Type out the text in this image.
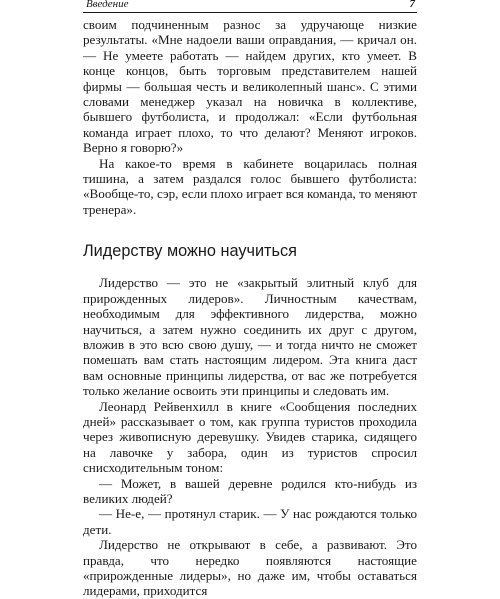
Введение	7

своим подчиненным разнос за удручающе низкие результаты. «Мне надоели ваши оправдания, — кричал он. — Не умеете работать — найдем других, кто умеет. В конце концов, быть торговым представителем нашей фирмы — большая честь и великолепный шанс». С этими словами менеджер указал на новичка в коллективе, бывшего футболиста, и продолжал: «Если футбольная команда играет плохо, то что делают? Меняют игроков. Верно я говорю?»

На какое-то время в кабинете воцарилась полная тишина, а затем раздался голос бывшего футболиста: «Вообще-то, сэр, если плохо играет вся команда, то меняют тренера».

Лидерству можно научиться

Лидерство — это не «закрытый элитный клуб для прирожденных лидеров». Личностным качествам, необходимым для эффективного лидерства, можно научиться, а затем нужно соединить их друг с другом, вложив в это всю свою душу, — и тогда ничто не сможет помешать вам стать настоящим лидером. Эта книга даст вам основные принципы лидерства, от вас же потребуется только желание освоить эти принципы и следовать им.

Леонард Рейвенхилл в книге «Сообщения последних дней» рассказывает о том, как группа туристов проходила через живописную деревушку. Увидев старика, сидящего на лавочке у забора, один из туристов спросил снисходительным тоном:

— Может, в вашей деревне родился кто-нибудь из великих людей?

— Не-е, — протянул старик. — У нас рождаются только дети.

Лидерство не открывают в себе, а развивают. Это правда, что нередко появляются настоящие «прирожденные лидеры», но даже им, чтобы оставаться лидерами, приходится
